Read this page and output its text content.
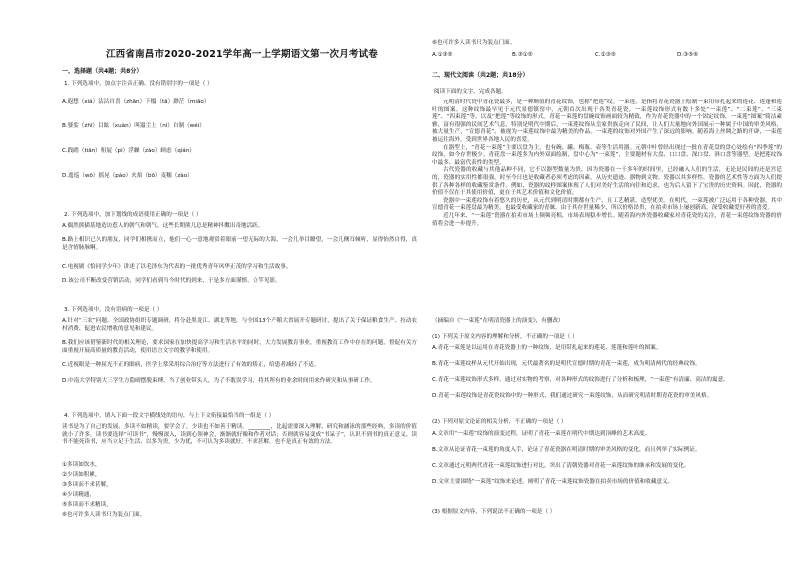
江西省南昌市2020-2021学年高一上学期语文第一次月考试卷
一、选择题（共4题；共8分）
1. 下列选项中，加点字注音正确、没有错别字的一项是（ ）
A.遐想（xiá）沾沾自喜（zhān）下榻（tā）渺茫（miǎo）
B.婆娑（zhī）目眩（xuàn）叫嚣尘上（nì）自制（wéi）
C.践踏（tiān）租屁（pì）浮躁（zào）顾虑（qíán）
D.逡巡（wō）摇晃（páo）火焰（bō）麦穗（zào）
2. 下列选项中，加下划线的成语使用正确的一项是（ ）
A.偶然熊猫基地造访惹人的朝气和朝气，这些长期熊儿总是精神抖擞出奇地活跃。
B.路上相识已久的朋友，同学们相携而立，他们一心一意地观赏着眼前一望无际的大海，一会儿举目瞭望，一会儿侧耳倾听，显得怡然自得，真是含情脉脉啊。
C.电视剧《恰同学少年》讲述了以毛泽东为代表的一批优秀青年风华正茂的学习和生活故事。
D.该公司不断改变营销活动，同学们看到当今时代的到来，于是多方面谨慎、立竿见影。
3. 下列选项中，没有语病的一项是（ ）
A.针对“三农”问题，全国政协组织专题调研，将分赴黑龙江、湖北等地，与全国13个产粮大省展开专题研讨，提出了关于保证粮食生产、拉动农村消费、促进农民增收的意见和建议。
B.我们应该借鉴新时代的相关理论，要求国家在加快提高学习和生活水平的同时，大力发展教育事业，重视教育工作中存在的问题，督促有关方面重视开展高质量的教育活动，使用语言文字的教学和使用。
C.近视眼是一种屈光不正的眼病，医学上常采用综合治疗等方法进行了有效的矫正，给患者减轻了不适。
D.中南大学特别大三学生方隐晴摆脱束缚，当了创业带头人，为了不耽误学习，将其所有的业余时间用来作研究和从事研工作。
4. 下列选项中，填入下面一段文字横线处的语句，与上下文衔接最恰当的一组是（ ）
读书是为了自己的发展，多读不如精读，要学会了，少读也不如善于精读。________，比起需要深入理解、研究和涵泳的那些经典，多读的价值就小了许多。读书要选择“可读书”，慢慢深入，读到心领神会，渐渐就好像和作者对话；否则就容易变成“书呆子”，认识不到书的真正意义。读书不能死读书，应当立足于生活、以多为贵，少为优，不可认为多读就好，不求甚解，也不是真正有效的方法。
①多读如饮水，
②少读如积累，
③多读而不求甚解，
④少读精通，
⑤多读而不求精读，
⑥也可许多人读书只为装点门面。
⑥也可许多人读书只为装点门面。
A.①③⑤	B.③①⑤	C.②③⑤	D.③⑤⑥
二、现代文阅读（共2题；共18分）
阅读下面的文字，完成各题。

元明清时代瓷中青花瓷最多，是一种颇值的青花纹饰，也称“把莲”纹。一束莲，是指将青花瓷器上绘制一束用带扎起来的莲花、莲蓬和莲叶的图案。这种纹饰最早见于元代景德镇窑中，元朝首次出现于各类青花瓷，一束莲纹饰形式有数十多处“一束莲”、“二束莲”、“三束莲”、“四束莲”等。以及“把莲”等纹饰的形式。青花一束莲的盘碗纹饰画面较为精致，作为青花瓷器中的一个固定纹饰，一束莲“图案”简洁素雅，富有很强的民间艺术气息，特别是明代中期后，一束莲纹饰从皇家贵族走向了民间，让人们大量地向外国展示一种属于中国的审美风格，被大量生产，“宣德青花”，被视为一束莲纹饰中最为精美的作品。一束莲的纹饰对外国产生了深远的影响。随着海上丝绸之路的开辟，一束莲被运往海外，受到世界各地人民的喜爱。

在器型上，“青花一束莲”主要以盘为主，也有碗、罐、梅瓶、壶等生活用器。元朝中叶曾经出现过一批在青花盘的盘心处绘有“四季莲”的纹饰，如今存世极少。青花盘一束莲多为内外双面绘制，盘中心为“一束莲”，主要题材有大盘、口口盘、深口盘、斜口盘等器型，是把莲纹饰中最多、最富代表性的类型。

古代瓷器的收藏与其他品种不同，它不以器型数量为贵，因为瓷器在一千多年的时间里，已经融入人们的生活，无论是民间的还是宫廷的，瓷器的实用性都很强，时至今日也是收藏者必须考虑的因素。从历史遗迹、器物到文物、瓷器以其多样性、瓷器的艺术性等方面为人们提供了各种各样的收藏鉴赏条件。例如，瓷器的纹样图案体现了人们对美好生活的向往和追求，也为后人留下了宝贵的历史资料。因此，瓷器的价值不仅在于其使用价值，更在于其艺术价值和文化价值。

瓷器中一束莲纹饰有着悠久的历史，从元代到明清时期都有生产，且工艺精湛，造型优美。在明代，一束莲被广泛运用于各种瓷器，其中宣德青花一束莲盘最为精美，也最受收藏家的青睐。由于其存世量稀少，所以价格昂贵，在拍卖市场上屡创新高，深受收藏爱好者的喜爱。

近几年来，“一束莲”瓷器在拍卖市场上频频亮相，市场表现稳步增长。随着海内外瓷器收藏家对青花瓷的关注，青花一束莲纹饰瓷器的价值将会进一步提升。

（摘编自《“一束莲”在明清瓷器上的演变》，有删改）
(1) 下列关于原文内容的理解和分析，不正确的一项是（ ）
A.青花一束莲是以运用在青花瓷器上的一种纹饰，是用带扎起来的莲花、莲蓬和莲叶的图案。
B.青花一束莲纹样从元代开始出现，元代最著名的是明代宣德时期的青花一束莲，成为明清两代的经典纹饰。
C.青花一束莲纹饰形式多样，通过对实物的考察，对各种形式的纹饰进行了分析和梳理，“一束莲”有清廉、高洁的寓意。
D.青花一束莲纹饰是青花瓷纹饰中的一种形式，我们通过研究一束莲纹饰，从而研究明清时期青花瓷的审美风格。
(2) 下列对原文论证的相关分析，不正确的一项是（ ）
A.文章用“一束莲”纹饰的演变过程，证明了青花一束莲在明代中期达到顶峰的艺术高度。
B.文章从论证青花一束莲的角度入手，论证了青花瓷器在明清时期的审美风格的变化，而且列举了实际例证。
C.文章通过元明两代青花一束莲纹饰进行对比，突出了清朝瓷器对青花一束莲纹饰的继承和发展的变化。
D.文章主要围绕“一束莲”纹饰来论述，阐明了青花一束莲纹饰瓷器在拍卖市场的价值和收藏意义。
(3) 根据原文内容，下列说法不正确的一项是（ ）
